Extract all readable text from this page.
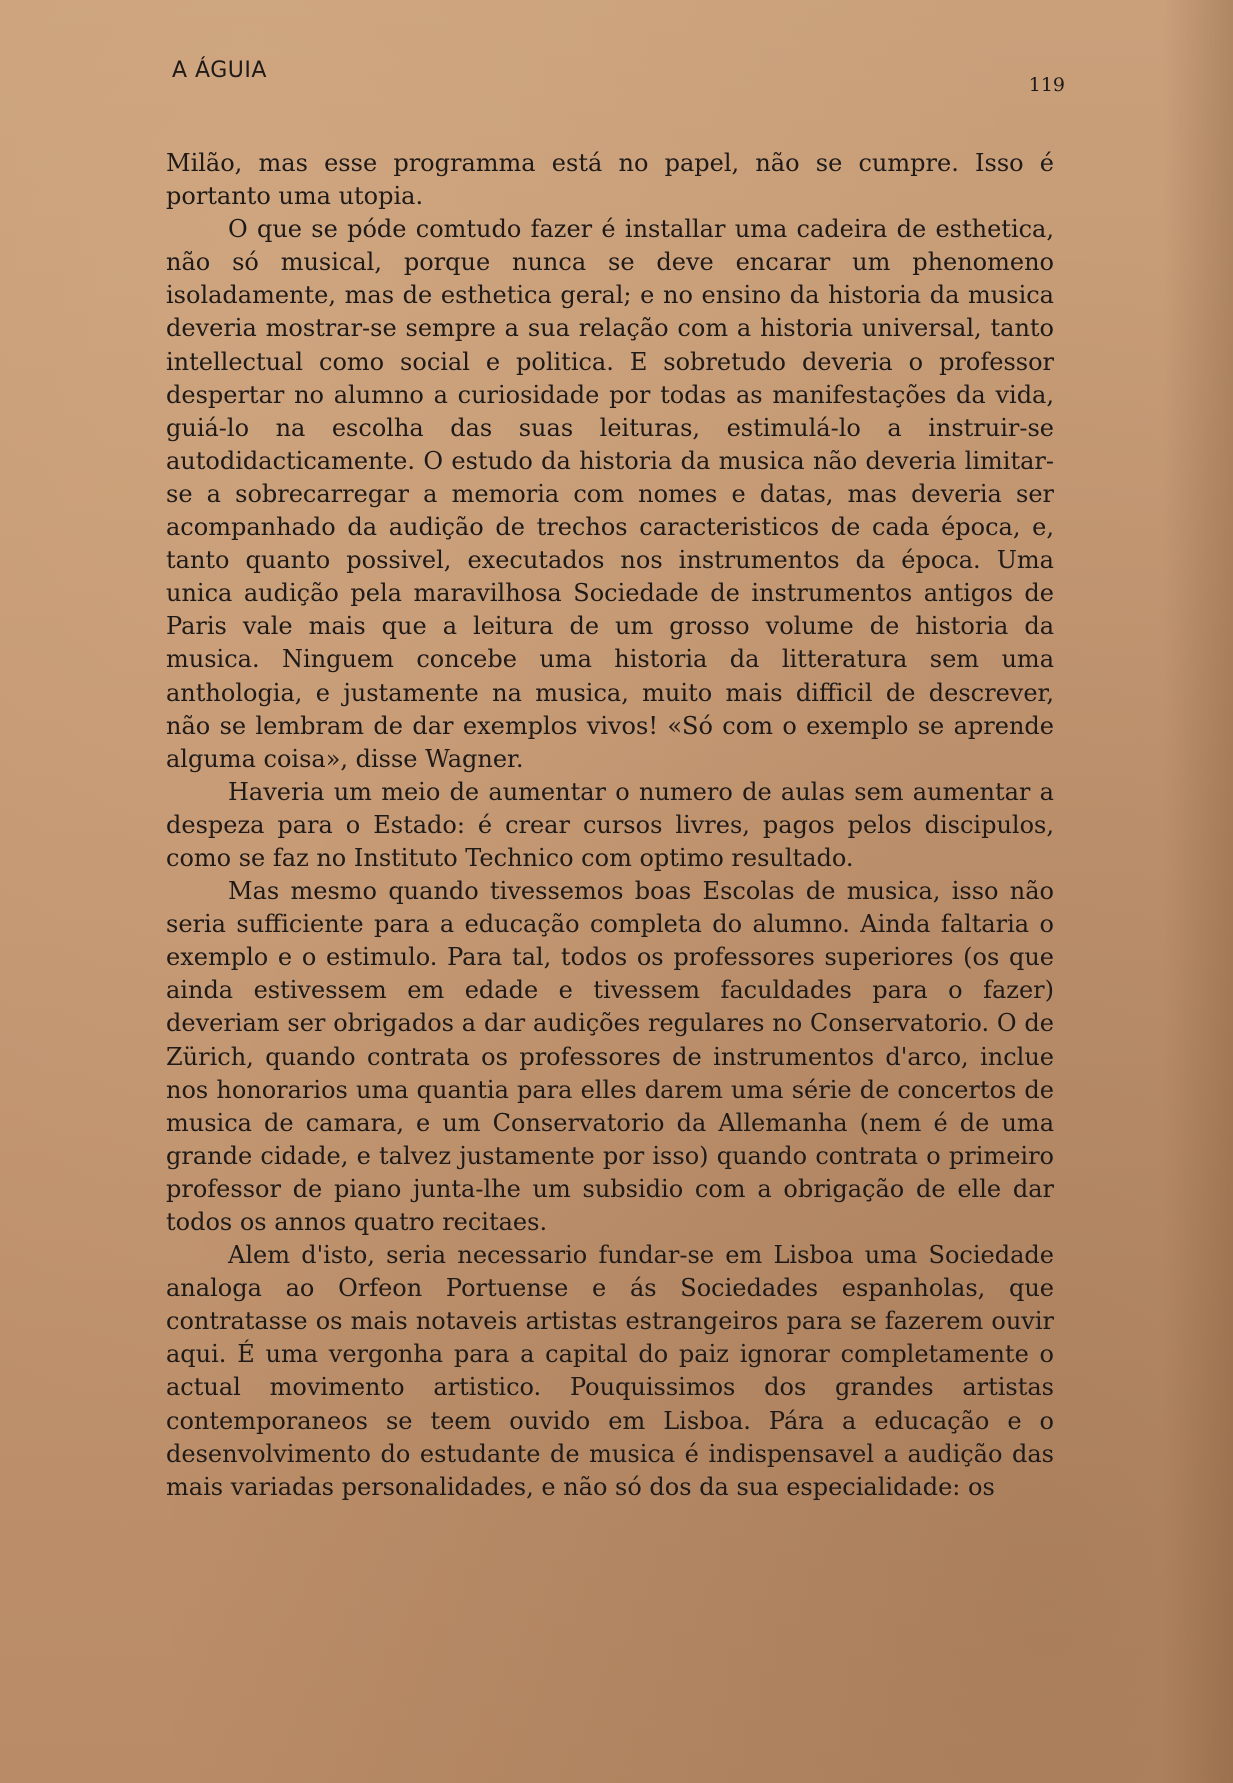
A ÁGUIA
119

Milão, mas esse programma está no papel, não se cumpre. Isso é portanto uma utopia.

O que se póde comtudo fazer é installar uma cadeira de esthetica, não só musical, porque nunca se deve encarar um phenomeno isoladamente, mas de esthetica geral; e no ensino da historia da musica deveria mostrar-se sempre a sua relação com a historia universal, tanto intellectual como social e politica. E sobretudo deveria o professor despertar no alumno a curiosidade por todas as manifestações da vida, guiá-lo na escolha das suas leituras, estimulá-lo a instruir-se autodidacticamente. O estudo da historia da musica não deveria limitar-se a sobrecarregar a memoria com nomes e datas, mas deveria ser acompanhado da audição de trechos caracteristicos de cada época, e, tanto quanto possivel, executados nos instrumentos da época. Uma unica audição pela maravilhosa Sociedade de instrumentos antigos de Paris vale mais que a leitura de um grosso volume de historia da musica. Ninguem concebe uma historia da litteratura sem uma anthologia, e justamente na musica, muito mais difficil de descrever, não se lembram de dar exemplos vivos! «Só com o exemplo se aprende alguma coisa», disse Wagner.

Haveria um meio de aumentar o numero de aulas sem aumentar a despeza para o Estado: é crear cursos livres, pagos pelos discipulos, como se faz no Instituto Technico com optimo resultado.

Mas mesmo quando tivessemos boas Escolas de musica, isso não seria sufficiente para a educação completa do alumno. Ainda faltaria o exemplo e o estimulo. Para tal, todos os professores superiores (os que ainda estivessem em edade e tivessem faculdades para o fazer) deveriam ser obrigados a dar audições regulares no Conservatorio. O de Zürich, quando contrata os professores de instrumentos d'arco, inclue nos honorarios uma quantia para elles darem uma série de concertos de musica de camara, e um Conservatorio da Allemanha (nem é de uma grande cidade, e talvez justamente por isso) quando contrata o primeiro professor de piano junta-lhe um subsidio com a obrigação de elle dar todos os annos quatro recitaes.

Alem d'isto, seria necessario fundar-se em Lisboa uma Sociedade analoga ao Orfeon Portuense e ás Sociedades espanholas, que contratasse os mais notaveis artistas estrangeiros para se fazerem ouvir aqui. É uma vergonha para a capital do paiz ignorar completamente o actual movimento artistico. Pouquissimos dos grandes artistas contemporaneos se teem ouvido em Lisboa. Pára a educação e o desenvolvimento do estudante de musica é indispensavel a audição das mais variadas personalidades, e não só dos da sua especialidade: os
